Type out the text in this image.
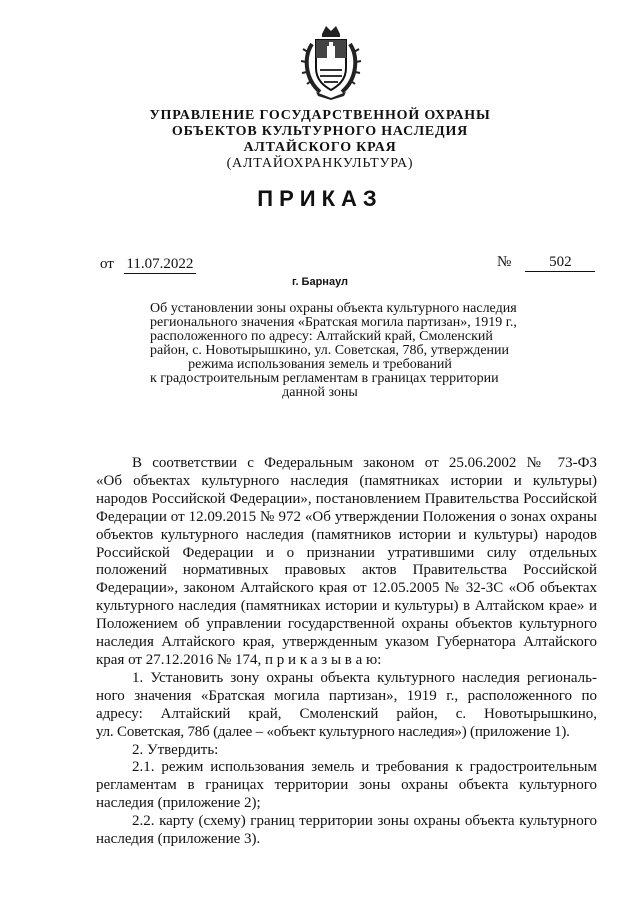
УПРАВЛЕНИЕ ГОСУДАРСТВЕННОЙ ОХРАНЫ
ОБЪЕКТОВ КУЛЬТУРНОГО НАСЛЕДИЯ
АЛТАЙСКОГО КРАЯ
(АЛТАЙОХРАНКУЛЬТУРА)
ПРИКАЗ
от 11.07.2022	№	502
г. Барнаул
Об установлении зоны охраны объекта культурного наследия
регионального значения «Братская могила партизан», 1919 г.,
расположенного по адресу: Алтайский край, Смоленский
район, с. Новотырышкино, ул. Советская, 78б, утверждении
режима использования земель и требований
к градостроительным регламентам в границах территории
данной зоны
В соответствии с Федеральным законом от 25.06.2002 № 73-ФЗ
«Об объектах культурного наследия (памятниках истории и культуры)
народов Российской Федерации», постановлением Правительства Российской
Федерации от 12.09.2015 № 972 «Об утверждении Положения о зонах охраны
объектов культурного наследия (памятников истории и культуры) народов
Российской Федерации и о признании утратившими силу отдельных
положений нормативных правовых актов Правительства Российской
Федерации», законом Алтайского края от 12.05.2005 № 32-ЗС «Об объектах
культурного наследия (памятниках истории и культуры) в Алтайском крае» и
Положением об управлении государственной охраны объектов культурного
наследия Алтайского края, утвержденным указом Губернатора Алтайского
края от 27.12.2016 № 174, п р и к а з ы в а ю:
1. Установить зону охраны объекта культурного наследия региональ-
ного значения «Братская могила партизан», 1919 г., расположенного по
адресу: Алтайский край, Смоленский район, с. Новотырышкино,
ул. Советская, 78б (далее – «объект культурного наследия») (приложение 1).
2. Утвердить:
2.1. режим использования земель и требования к градостроительным
регламентам в границах территории зоны охраны объекта культурного
наследия (приложение 2);
2.2. карту (схему) границ территории зоны охраны объекта культурного
наследия (приложение 3).
